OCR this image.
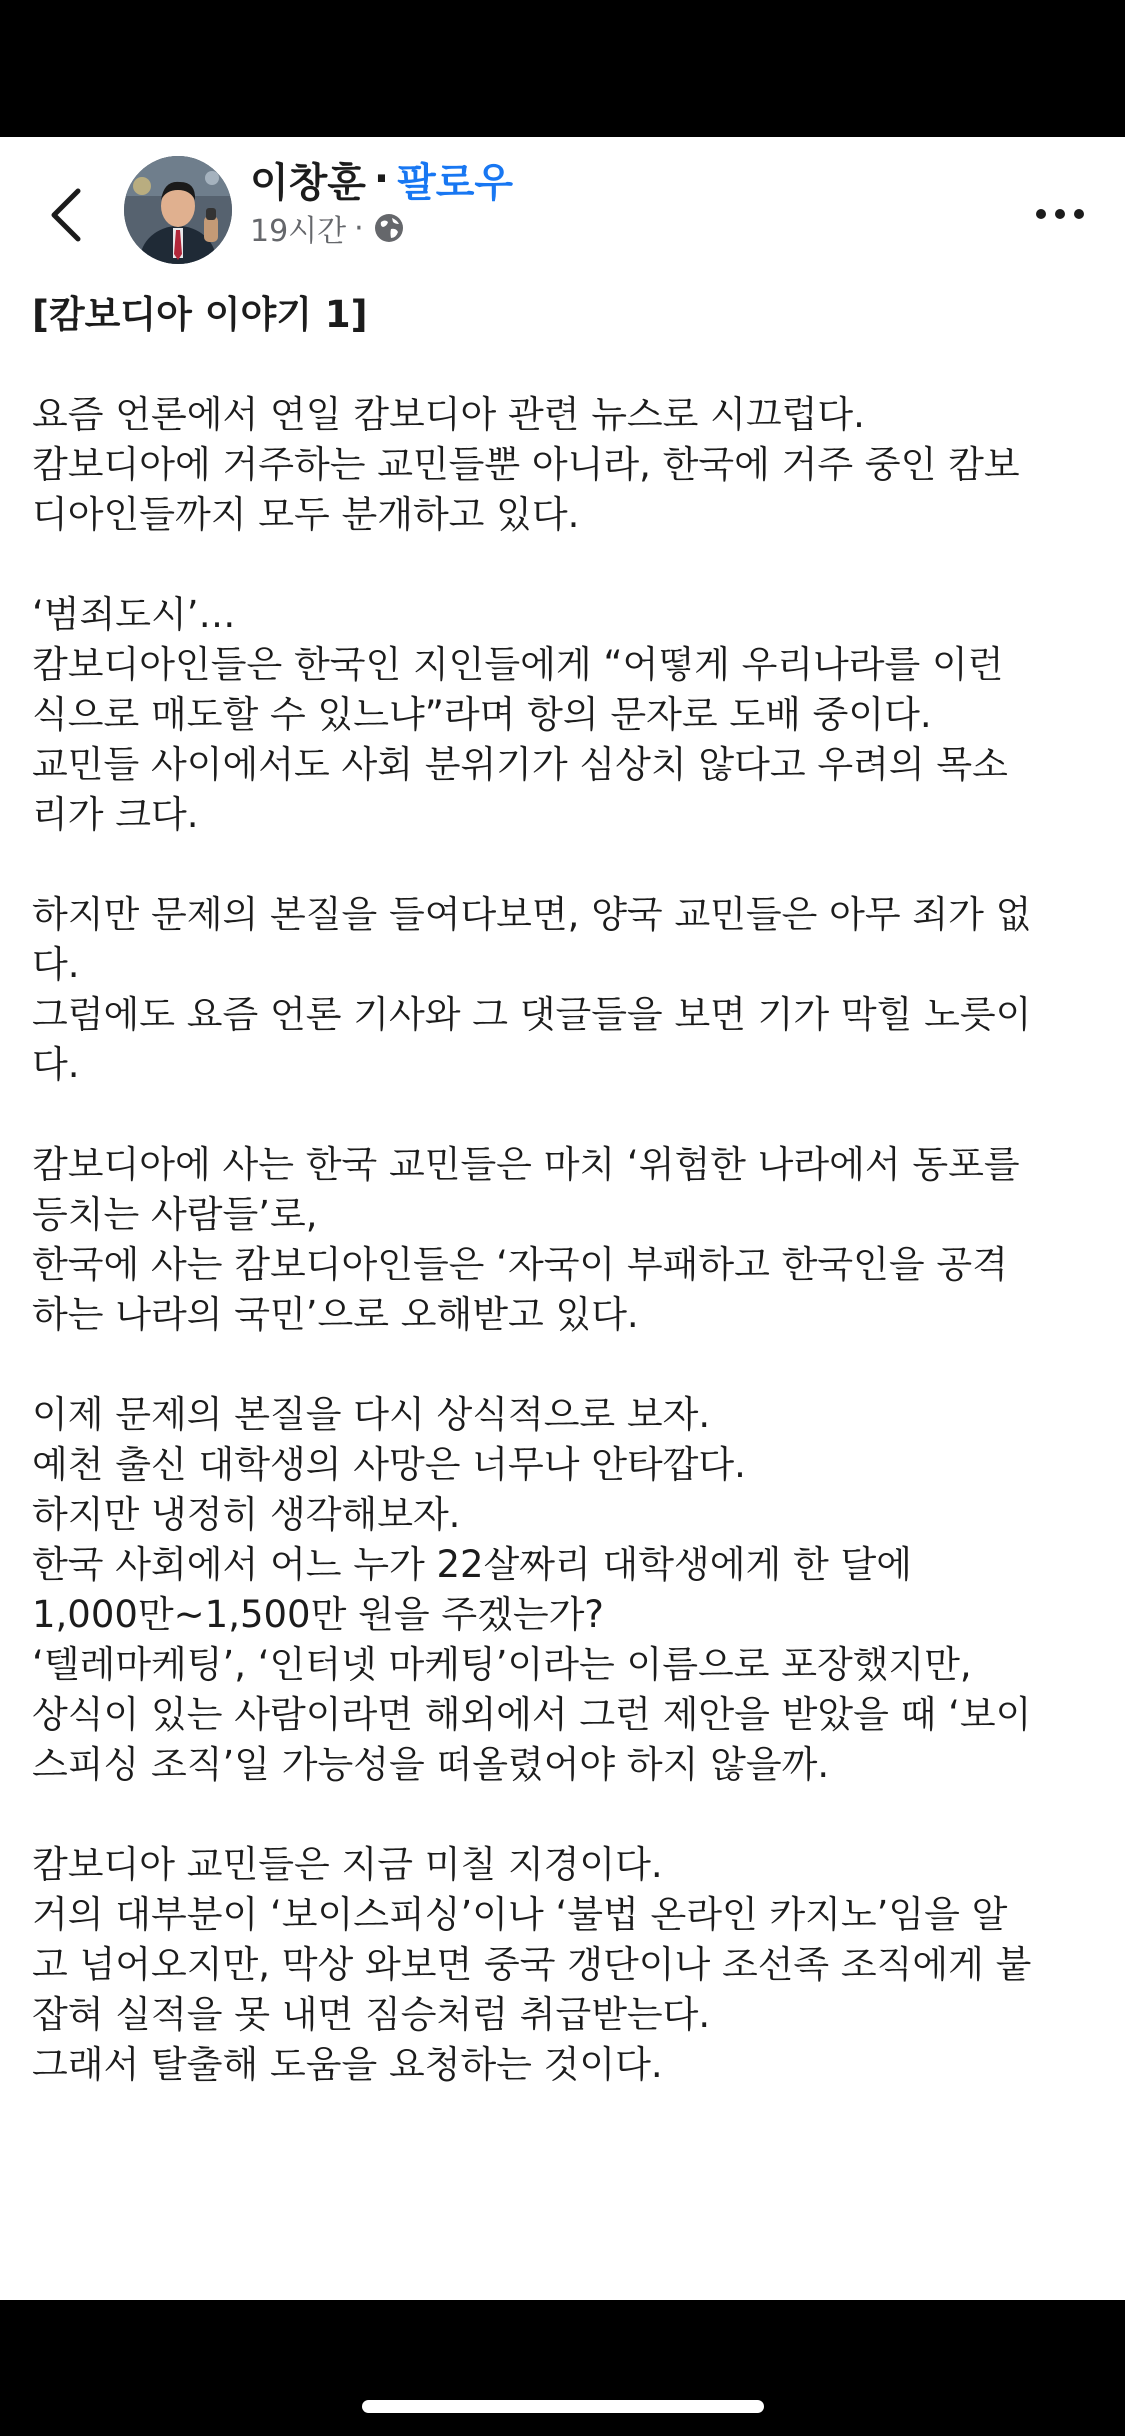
이창훈 · 팔로우
19시간 ·
[캄보디아 이야기 1]
요즘 언론에서 연일 캄보디아 관련 뉴스로 시끄럽다.
캄보디아에 거주하는 교민들뿐 아니라, 한국에 거주 중인 캄보
디아인들까지 모두 분개하고 있다.
‘범죄도시’…
캄보디아인들은 한국인 지인들에게 “어떻게 우리나라를 이런
식으로 매도할 수 있느냐”라며 항의 문자로 도배 중이다.
교민들 사이에서도 사회 분위기가 심상치 않다고 우려의 목소
리가 크다.
하지만 문제의 본질을 들여다보면, 양국 교민들은 아무 죄가 없
다.
그럼에도 요즘 언론 기사와 그 댓글들을 보면 기가 막힐 노릇이
다.
캄보디아에 사는 한국 교민들은 마치 ‘위험한 나라에서 동포를
등치는 사람들’로,
한국에 사는 캄보디아인들은 ‘자국이 부패하고 한국인을 공격
하는 나라의 국민’으로 오해받고 있다.
이제 문제의 본질을 다시 상식적으로 보자.
예천 출신 대학생의 사망은 너무나 안타깝다.
하지만 냉정히 생각해보자.
한국 사회에서 어느 누가 22살짜리 대학생에게 한 달에
1,000만~1,500만 원을 주겠는가?
‘텔레마케팅’, ‘인터넷 마케팅’이라는 이름으로 포장했지만,
상식이 있는 사람이라면 해외에서 그런 제안을 받았을 때 ‘보이
스피싱 조직’일 가능성을 떠올렸어야 하지 않을까.
캄보디아 교민들은 지금 미칠 지경이다.
거의 대부분이 ‘보이스피싱’이나 ‘불법 온라인 카지노’임을 알
고 넘어오지만, 막상 와보면 중국 갱단이나 조선족 조직에게 붙
잡혀 실적을 못 내면 짐승처럼 취급받는다.
그래서 탈출해 도움을 요청하는 것이다.
